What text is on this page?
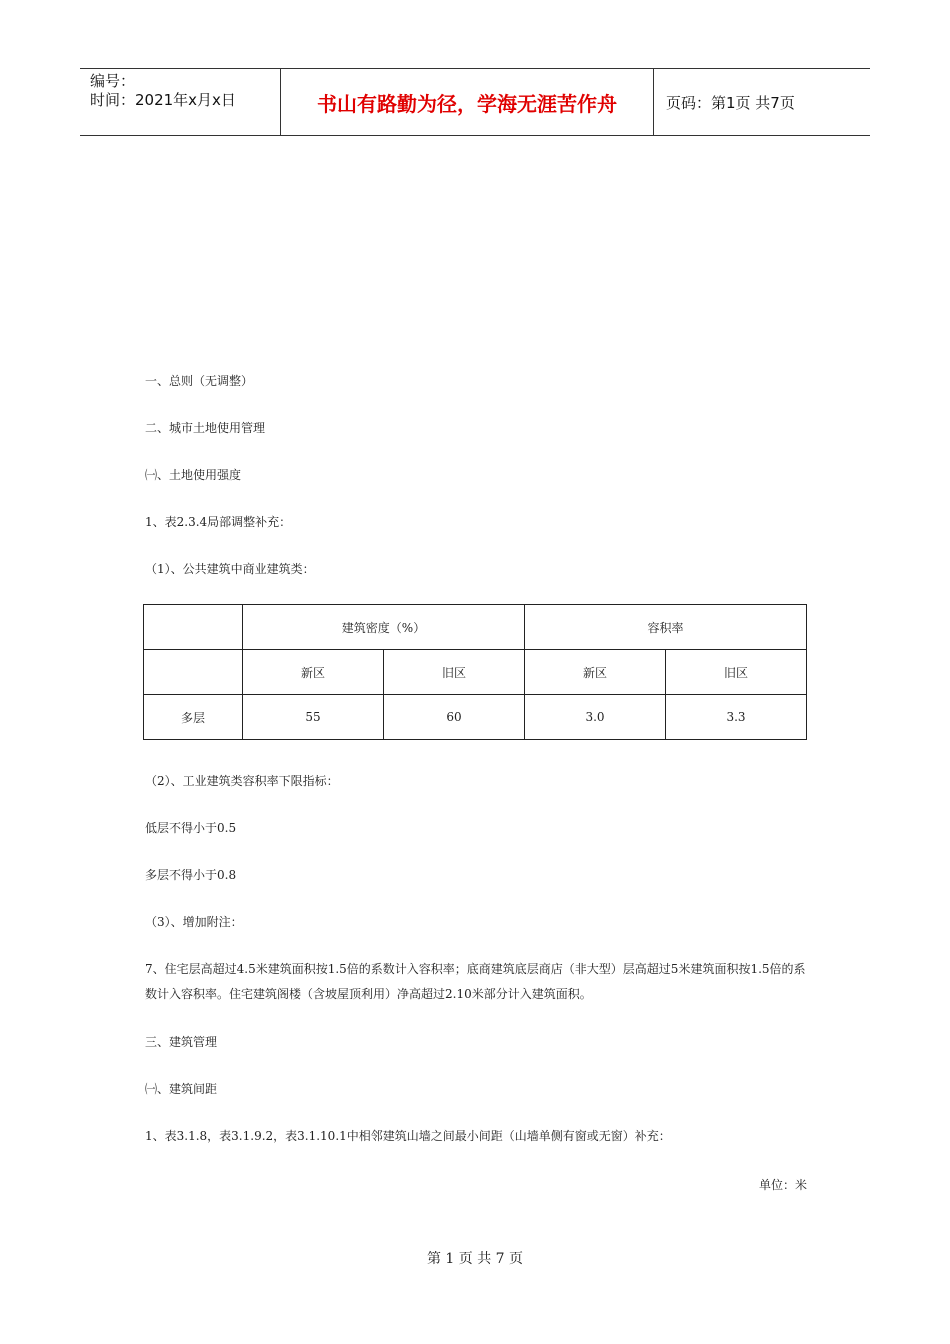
编号：
时间：2021年x月x日	书山有路勤为径，学海无涯苦作舟	页码：第1页 共7页
一、总则（无调整）
二、城市土地使用管理
㈠、土地使用强度
1、表2.3.4局部调整补充：
（1）、公共建筑中商业建筑类：
	建筑密度（%）		容积率	
	新区	旧区	新区	旧区
多层	55	60	3.0	3.3
（2）、工业建筑类容积率下限指标：
低层不得小于0.5
多层不得小于0.8
（3）、增加附注：
7、住宅层高超过4.5米建筑面积按1.5倍的系数计入容积率；底商建筑底层商店（非大型）层高超过5米建筑面积按1.5倍的系数计入容积率。住宅建筑阁楼（含坡屋顶利用）净高超过2.10米部分计入建筑面积。
三、建筑管理
㈠、建筑间距
1、表3.1.8，表3.1.9.2，表3.1.10.1中相邻建筑山墙之间最小间距（山墙单侧有窗或无窗）补充：
单位：米
第 1 页 共 7 页
